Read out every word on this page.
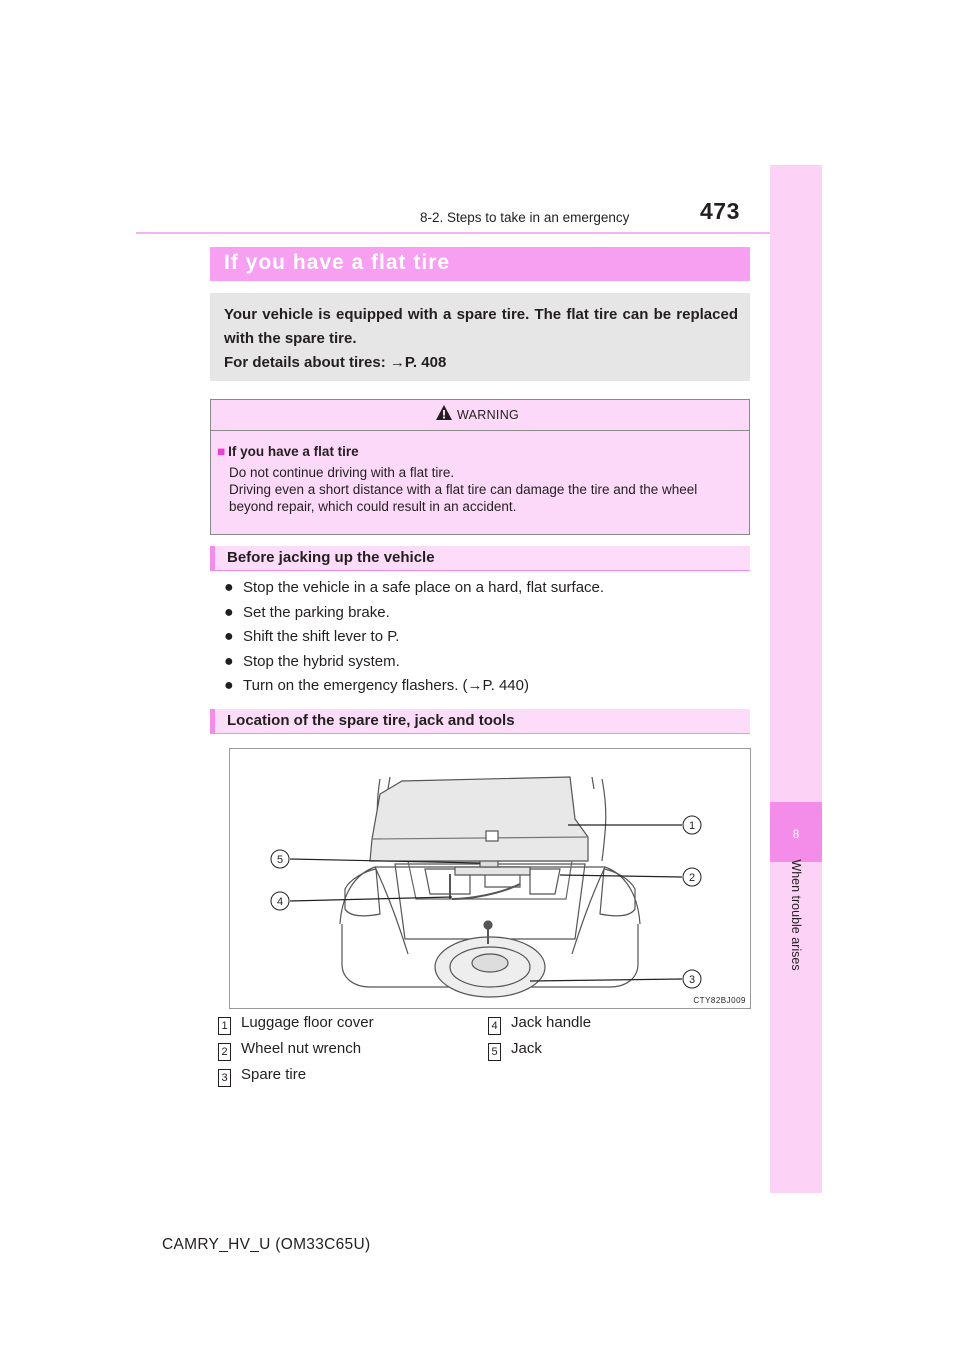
8-2. Steps to take in an emergency	473
8
When trouble arises
If you have a flat tire
Your vehicle is equipped with a spare tire. The flat tire can be replaced with the spare tire.
For details about tires: →P. 408
WARNING
■ If you have a flat tire
Do not continue driving with a flat tire.
Driving even a short distance with a flat tire can damage the tire and the wheel beyond repair, which could result in an accident.
Before jacking up the vehicle
● Stop the vehicle in a safe place on a hard, flat surface.
● Set the parking brake.
● Shift the shift lever to P.
● Stop the hybrid system.
● Turn on the emergency flashers. (→P. 440)
Location of the spare tire, jack and tools
1
2
3
4
5
CTY82BJ009
1 Luggage floor cover
2 Wheel nut wrench
3 Spare tire
4 Jack handle
5 Jack
CAMRY_HV_U (OM33C65U)
